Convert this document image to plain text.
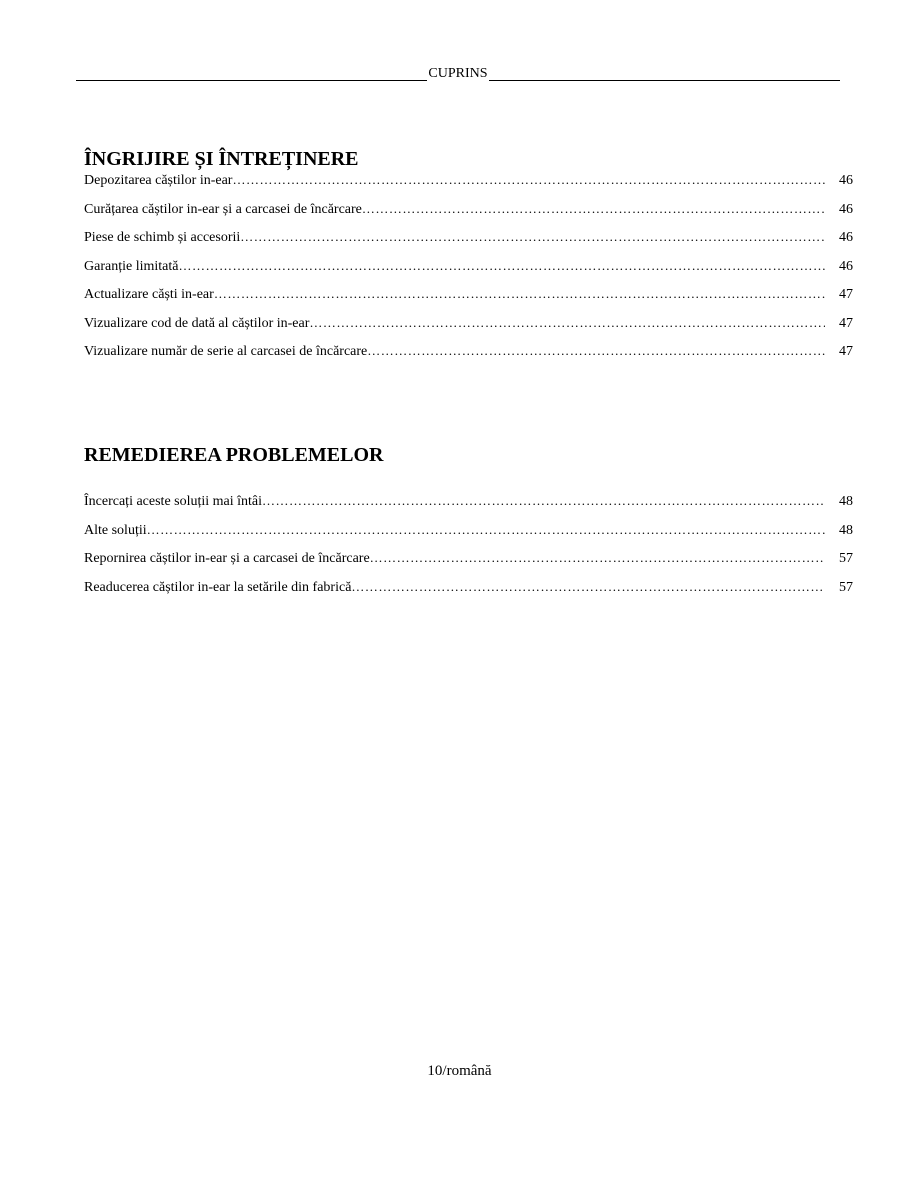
CUPRINS
ÎNGRIJIRE ȘI ÎNTREȚINERE
Depozitarea căștilor in-ear ………………………………………………………………………………………………………………………………………………………………………………………………	46
Curățarea căștilor in-ear și a carcasei de încărcare ………………………………………………………………………………………………………………………………………………………………………………………………	46
Piese de schimb și accesorii ………………………………………………………………………………………………………………………………………………………………………………………………	46
Garanție limitată ………………………………………………………………………………………………………………………………………………………………………………………………	46
Actualizare căști in-ear ………………………………………………………………………………………………………………………………………………………………………………………………	47
Vizualizare cod de dată al căștilor in-ear ………………………………………………………………………………………………………………………………………………………………………………………………	47
Vizualizare număr de serie al carcasei de încărcare ………………………………………………………………………………………………………………………………………………………………………………………………	47
REMEDIEREA PROBLEMELOR
Încercați aceste soluții mai întâi ………………………………………………………………………………………………………………………………………………………………………………………………	48
Alte soluții ………………………………………………………………………………………………………………………………………………………………………………………………	48
Repornirea căștilor in-ear și a carcasei de încărcare ………………………………………………………………………………………………………………………………………………………………………………………………	57
Readucerea căștilor in-ear la setările din fabrică ………………………………………………………………………………………………………………………………………………………………………………………………	57
10/română
